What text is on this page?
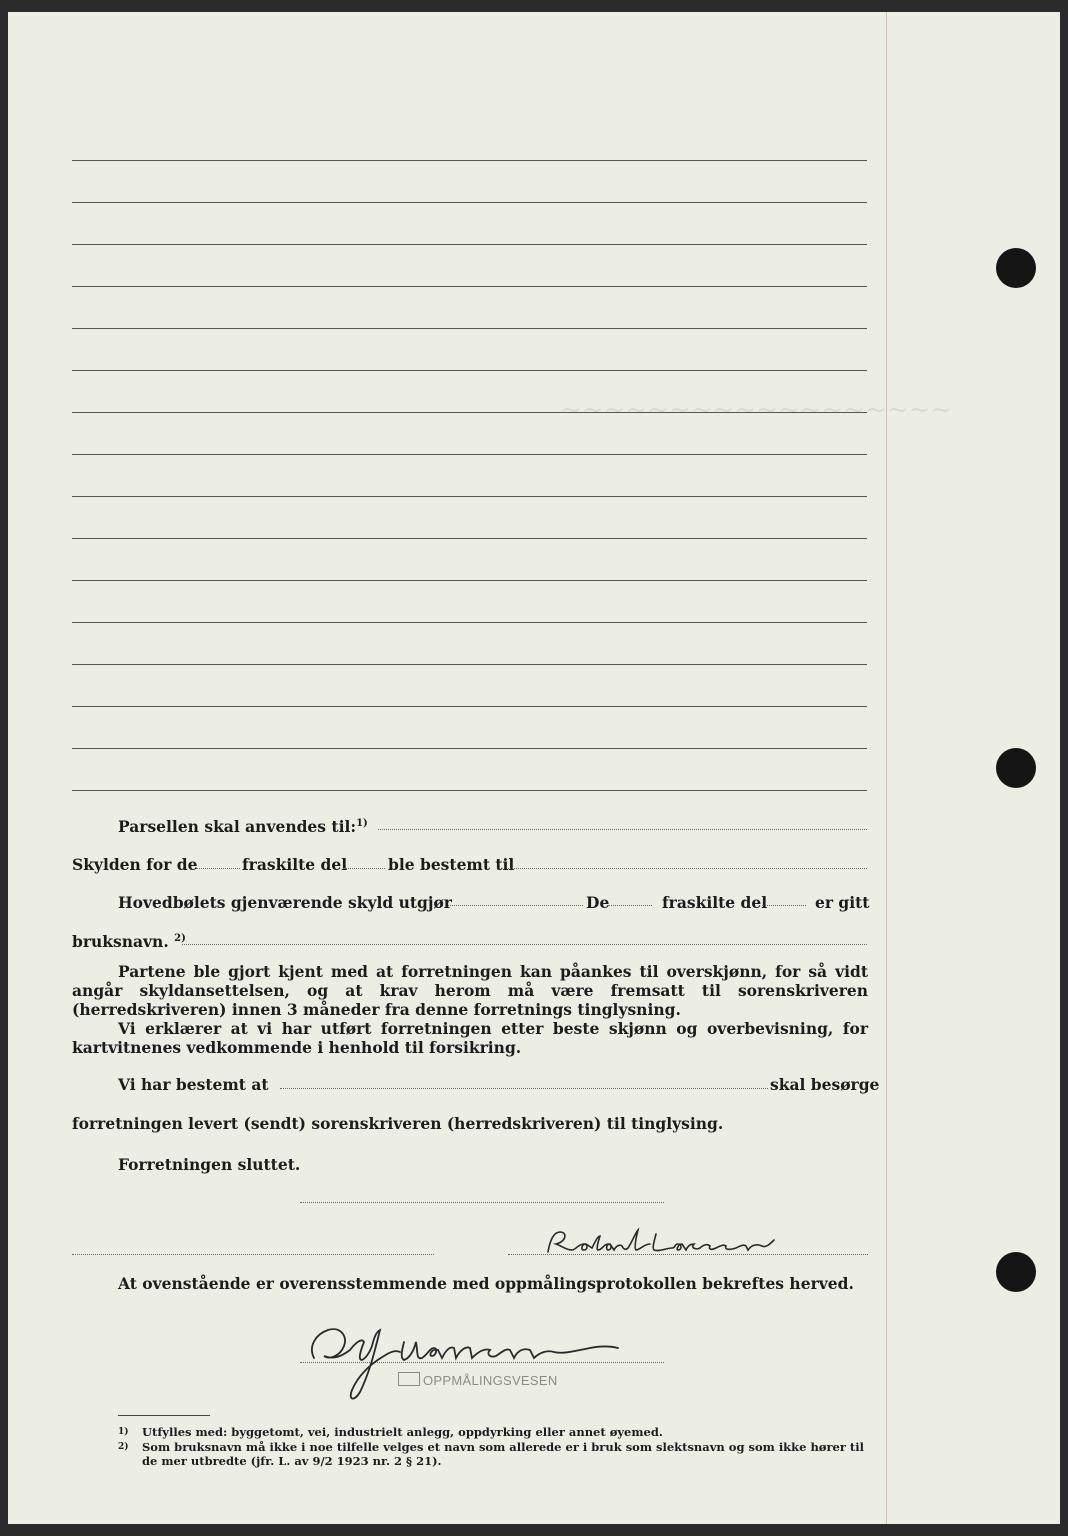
~~~~~~~~~~~~~~~~~~
Parsellen skal anvendes til:$^{1)}$
Skylden for de	fraskilte del	ble bestemt til
Hovedbølets gjenværende skyld utgjør	De	fraskilte del	er gitt
bruksnavn. $^{2)}$
Partene ble gjort kjent med at forretningen kan påankes til overskjønn, for så vidt angår skyldansettelsen, og at krav herom må være fremsatt til sorenskriveren (herredskriveren) innen 3 måneder fra denne forretnings tinglysning.
Vi erklærer at vi har utført forretningen etter beste skjønn og overbevisning, for kartvitnenes vedkommende i henhold til forsikring.
Vi har bestemt at	skal besørge
forretningen levert (sendt) sorenskriveren (herredskriveren) til tinglysing.
Forretningen sluttet.
At ovenstående er overensstemmende med oppmålingsprotokollen bekreftes herved.
OPPMÅLINGSVESEN
1) Utfylles med: byggetomt, vei, industrielt anlegg, oppdyrking eller annet øyemed.
2)	Som bruksnavn må ikke i noe tilfelle velges et navn som allerede er i bruk som slektsnavn og som ikke hører til de mer utbredte (jfr. L. av 9/2 1923 nr. 2 § 21).
